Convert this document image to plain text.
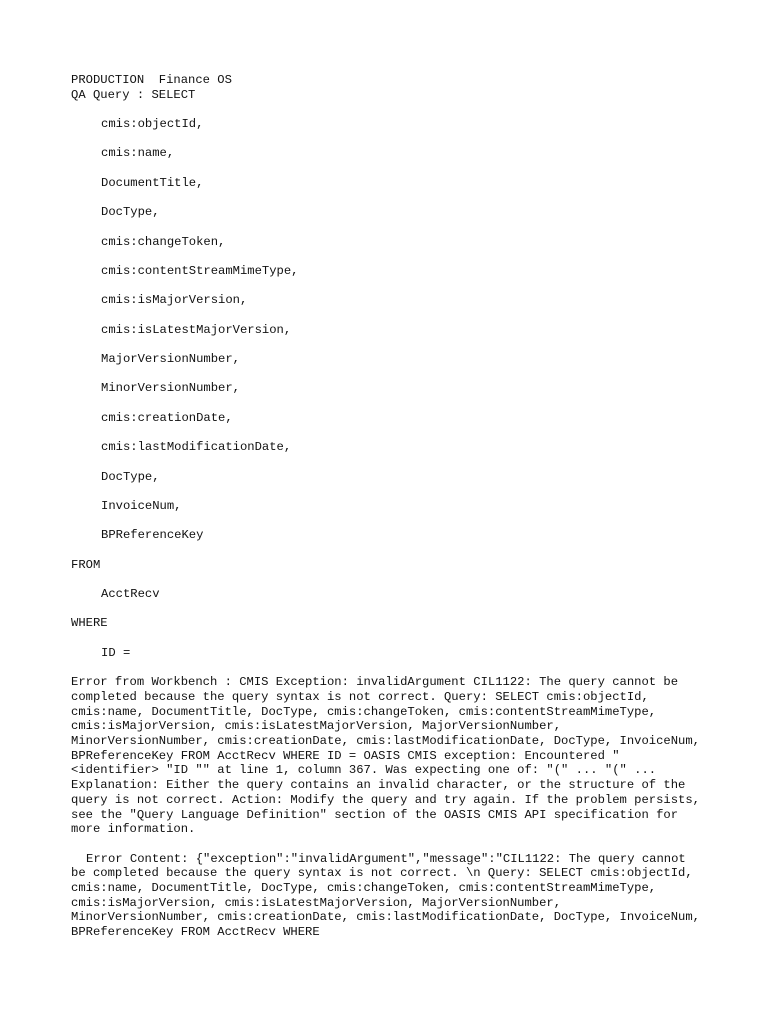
PRODUCTION  Finance OS
QA Query : SELECT
cmis:objectId,
cmis:name,
DocumentTitle,
DocType,
cmis:changeToken,
cmis:contentStreamMimeType,
cmis:isMajorVersion,
cmis:isLatestMajorVersion,
MajorVersionNumber,
MinorVersionNumber,
cmis:creationDate,
cmis:lastModificationDate,
DocType,
InvoiceNum,
BPReferenceKey
FROM
AcctRecv
WHERE
ID =
Error from Workbench : CMIS Exception: invalidArgument CIL1122: The query cannot be completed because the query syntax is not correct. Query: SELECT cmis:objectId, cmis:name, DocumentTitle, DocType, cmis:changeToken, cmis:contentStreamMimeType, cmis:isMajorVersion, cmis:isLatestMajorVersion, MajorVersionNumber, MinorVersionNumber, cmis:creationDate, cmis:lastModificationDate, DocType, InvoiceNum, BPReferenceKey FROM AcctRecv WHERE ID = OASIS CMIS exception: Encountered " <identifier> "ID "" at line 1, column 367. Was expecting one of: "(" ... "(" ... Explanation: Either the query contains an invalid character, or the structure of the query is not correct. Action: Modify the query and try again. If the problem persists, see the "Query Language Definition" section of the OASIS CMIS API specification for more information.
Error Content: {"exception":"invalidArgument","message":"CIL1122: The query cannot be completed because the query syntax is not correct. \n Query: SELECT cmis:objectId, cmis:name, DocumentTitle, DocType, cmis:changeToken, cmis:contentStreamMimeType, cmis:isMajorVersion, cmis:isLatestMajorVersion, MajorVersionNumber, MinorVersionNumber, cmis:creationDate, cmis:lastModificationDate, DocType, InvoiceNum, BPReferenceKey FROM AcctRecv WHERE
